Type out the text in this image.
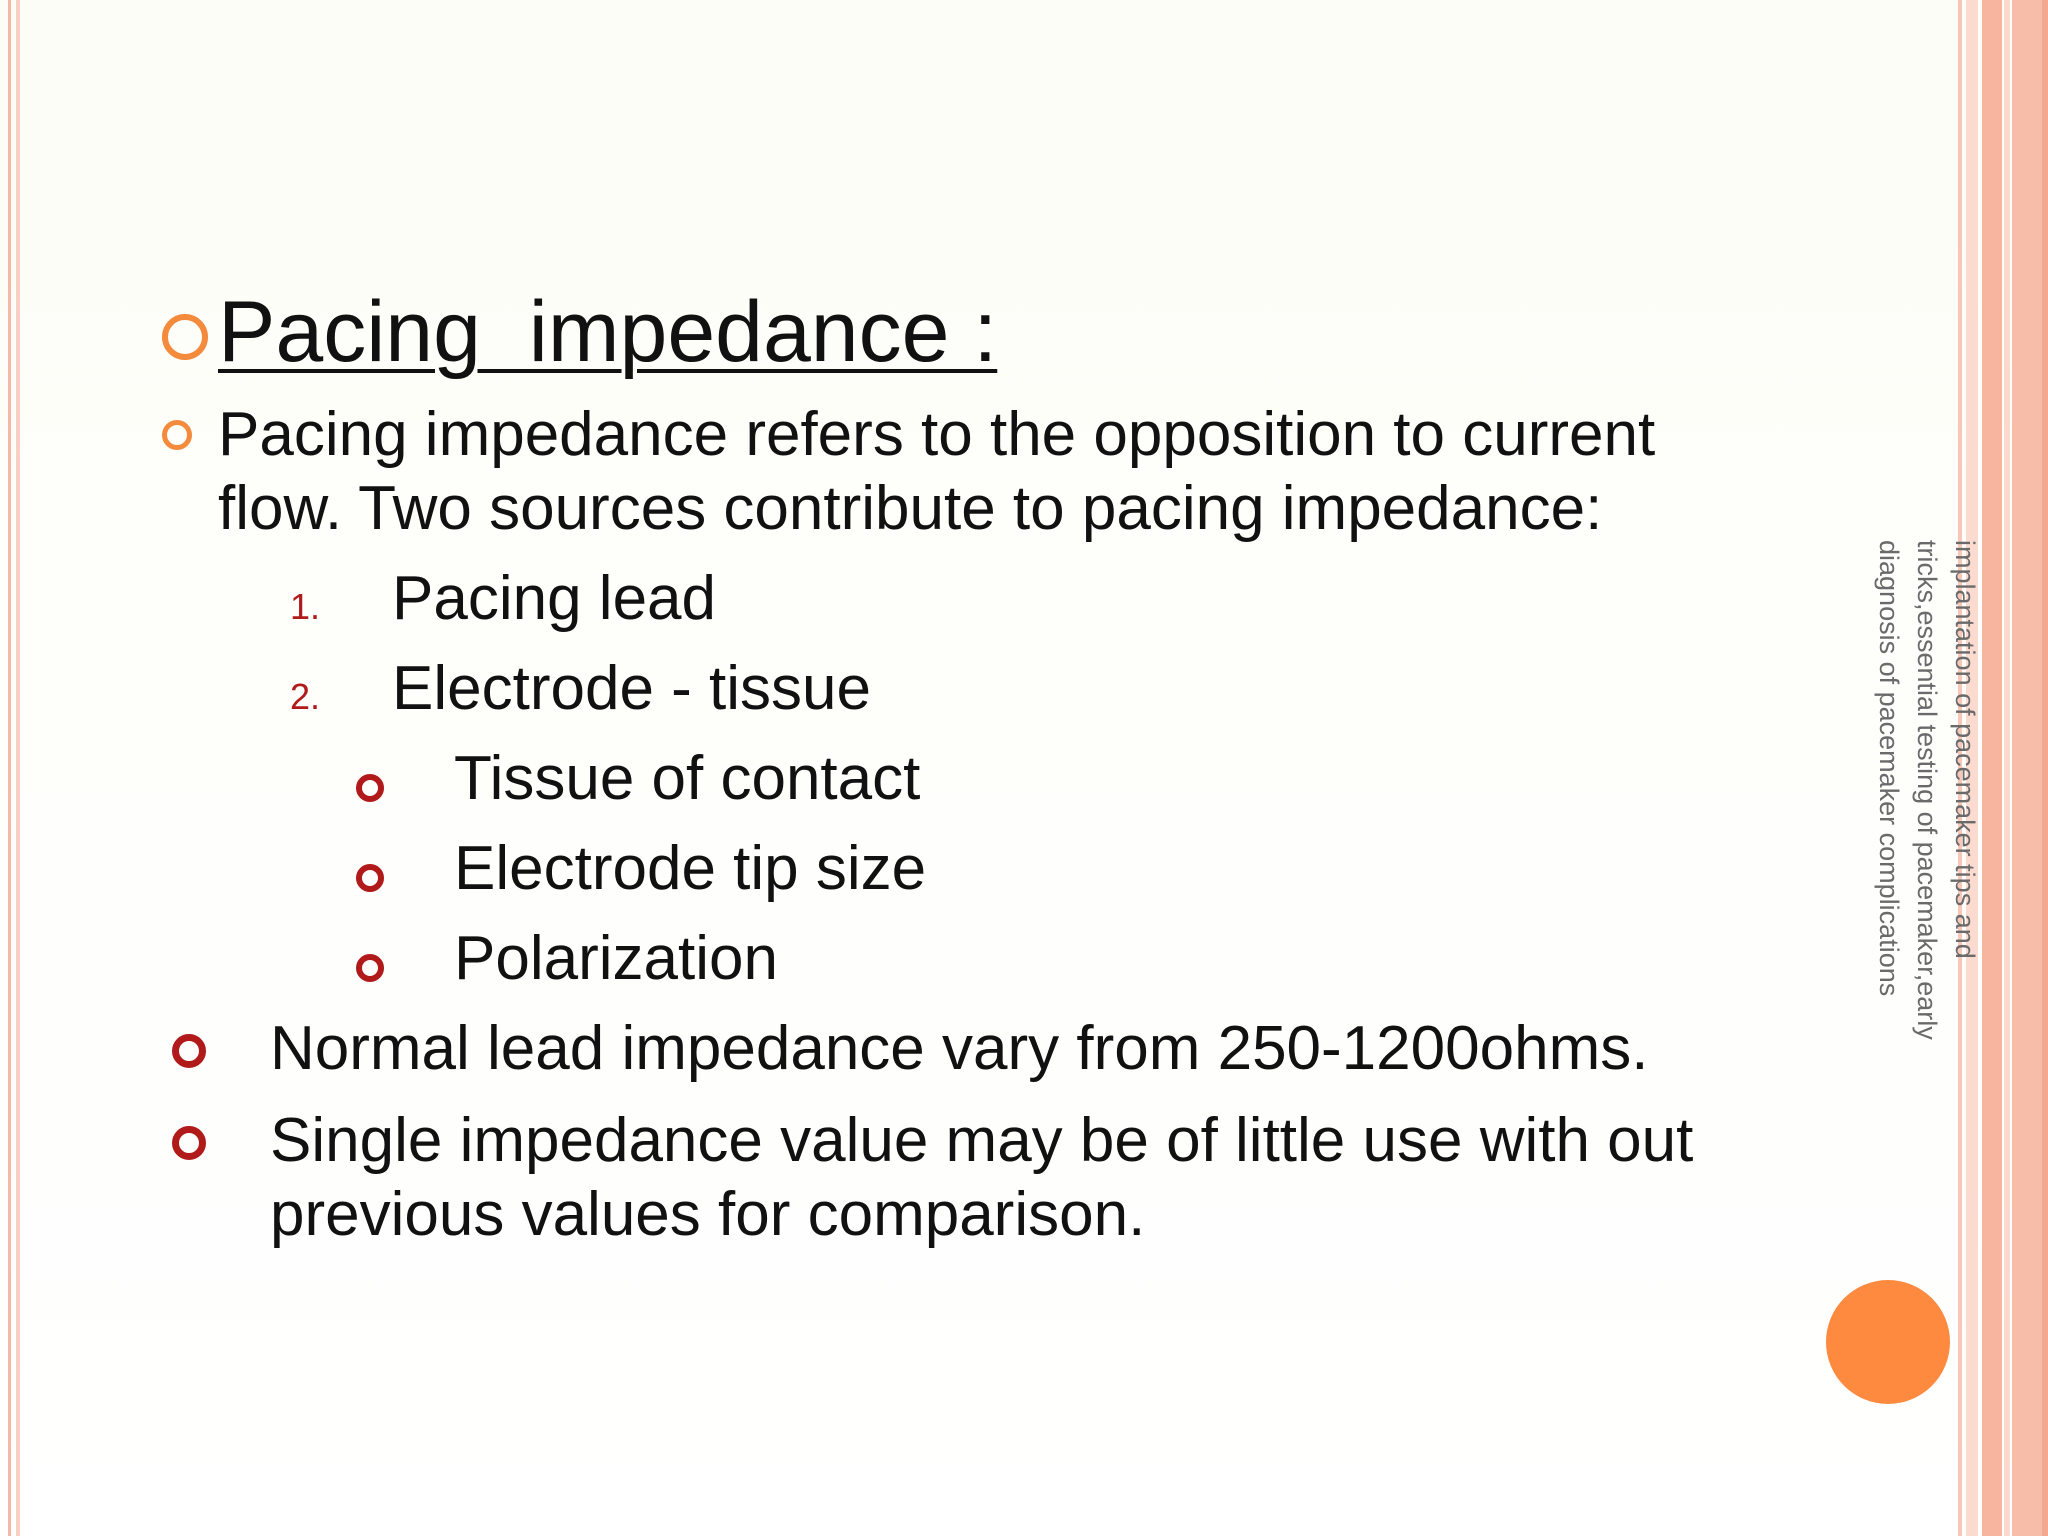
Pacing  impedance :
Pacing impedance refers to the opposition to current
flow. Two sources contribute to pacing impedance:
1. Pacing lead
2. Electrode - tissue
Tissue of contact
Electrode tip size
Polarization
Normal lead impedance vary from 250-1200ohms.
Single impedance value may be of little use with out
previous values for comparison.
implantation of pacemaker tips and
tricks,essential testing of pacemaker,early
diagnosis of pacemaker complications
